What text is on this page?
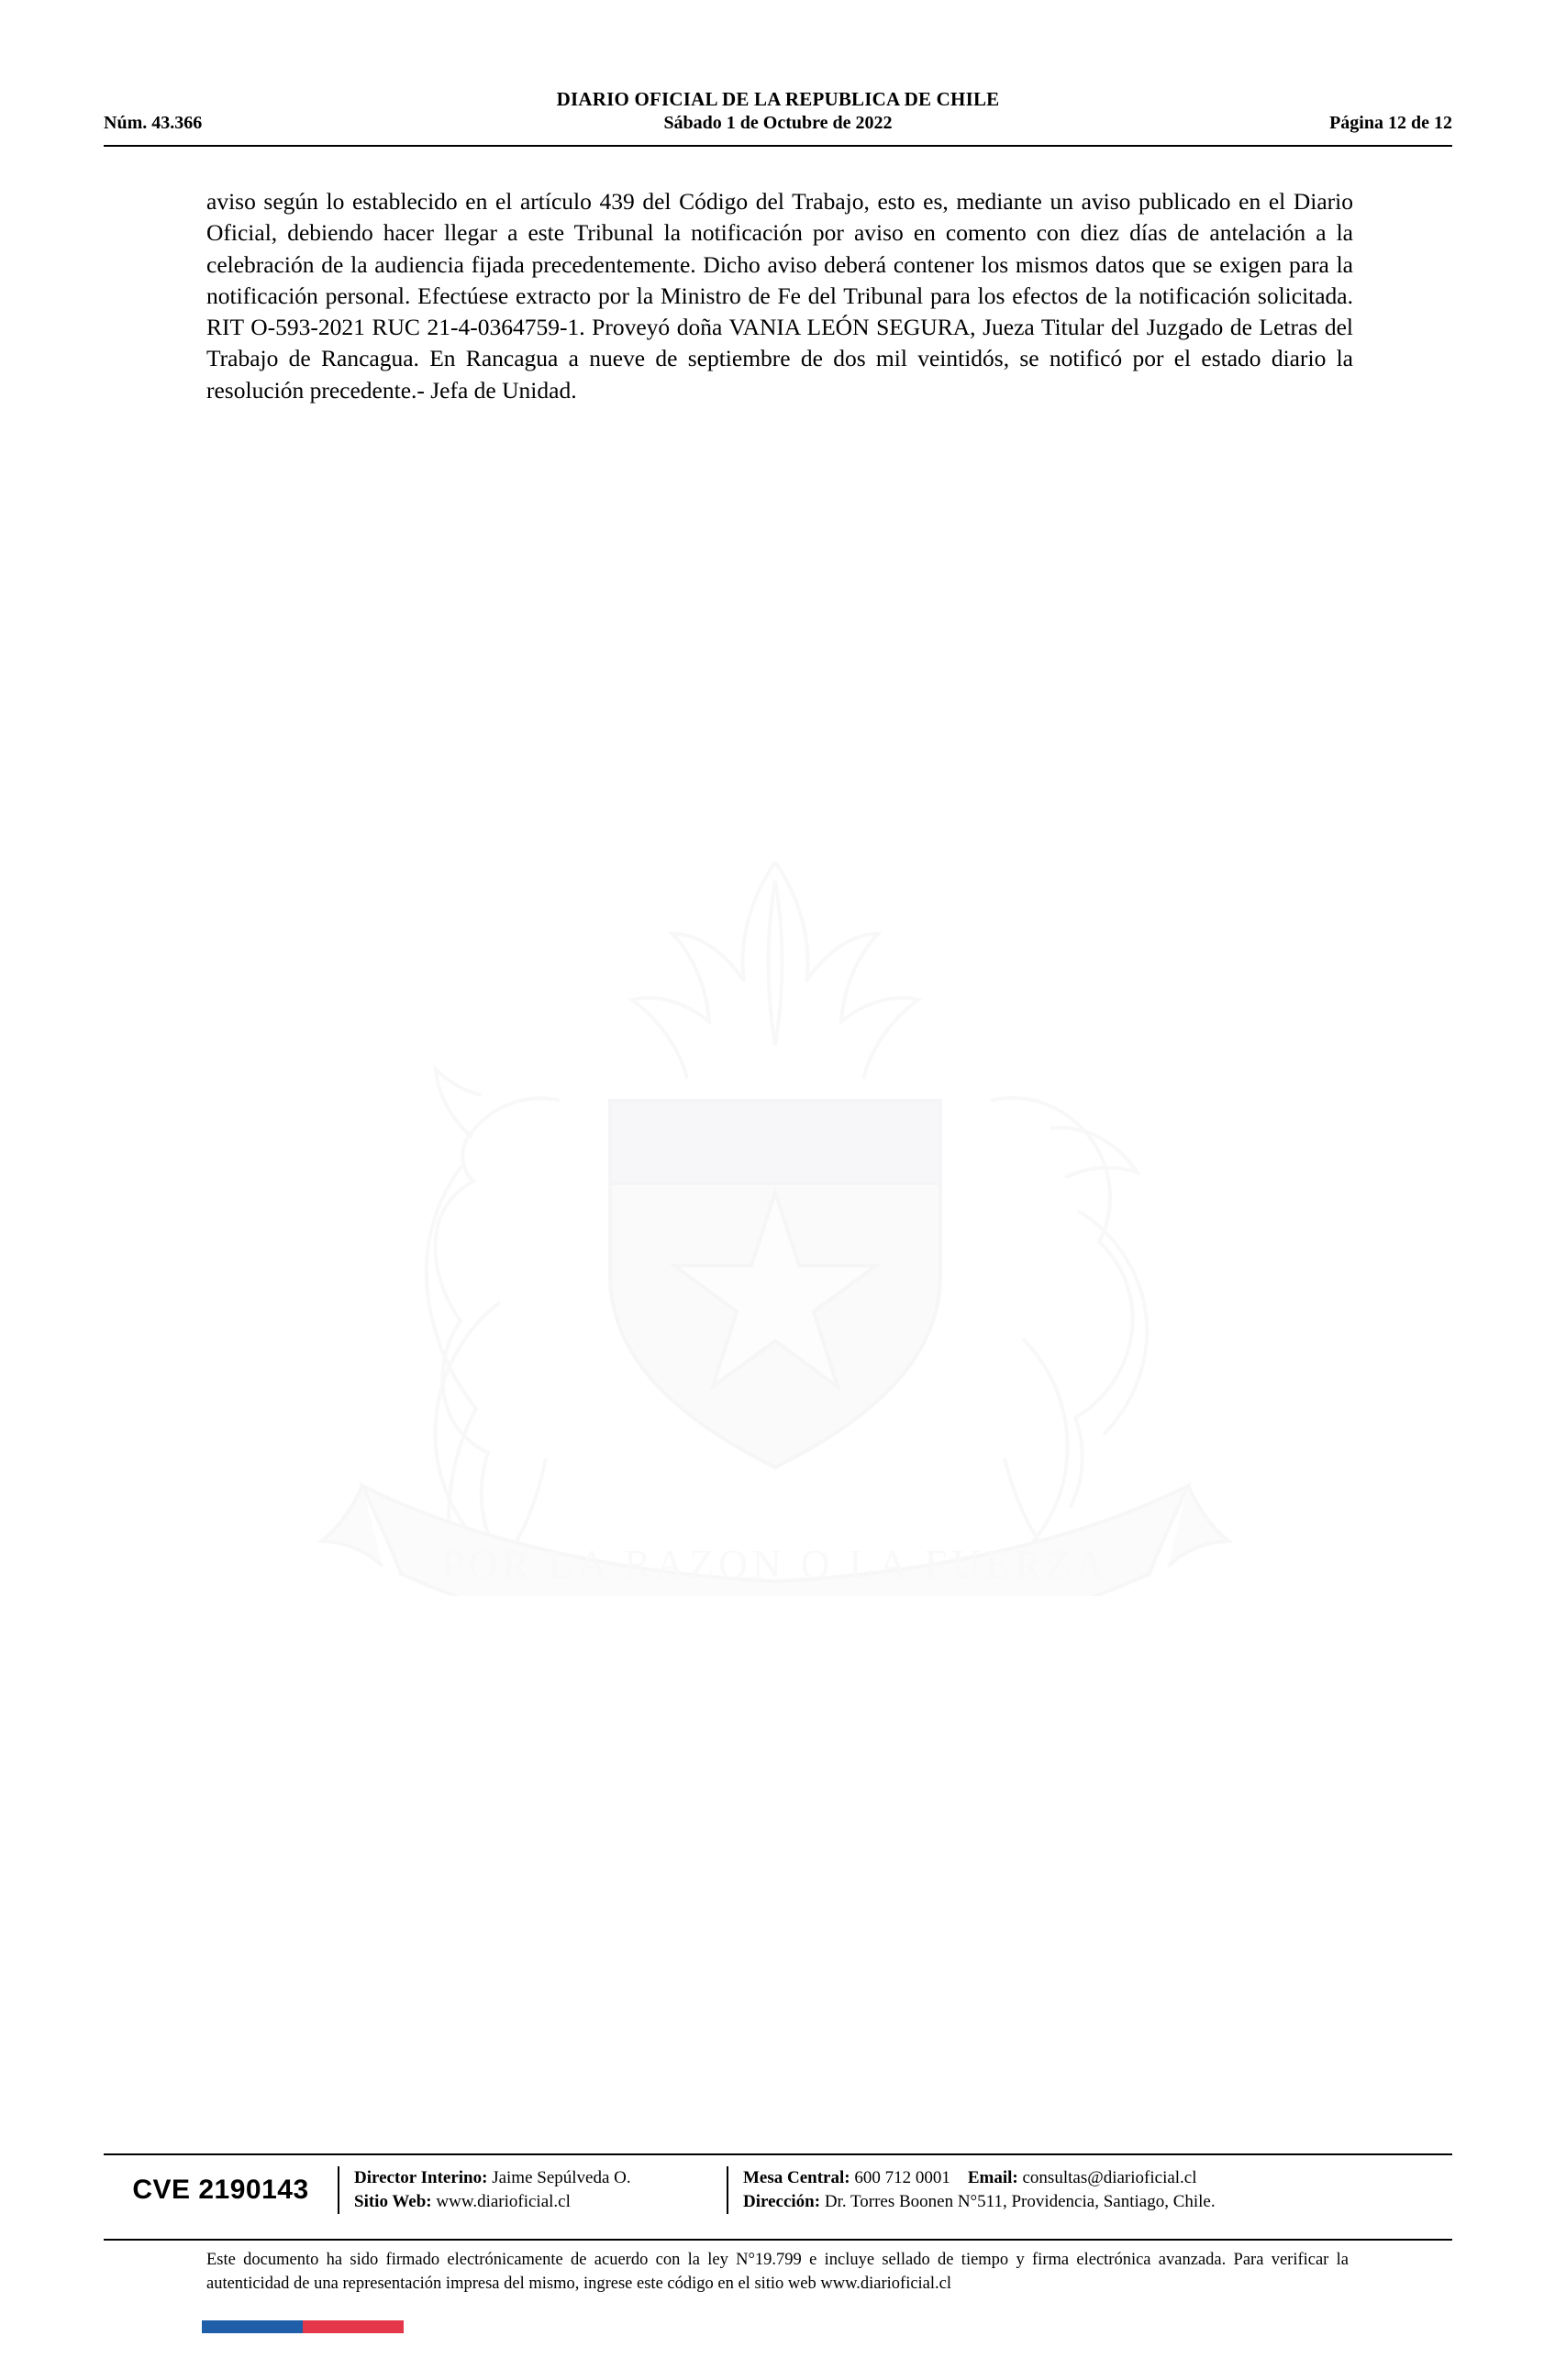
DIARIO OFICIAL DE LA REPUBLICA DE CHILE
Núm. 43.366	Sábado 1 de Octubre de 2022	Página 12 de 12
aviso según lo establecido en el artículo 439 del Código del Trabajo, esto es, mediante un aviso publicado en el Diario Oficial, debiendo hacer llegar a este Tribunal la notificación por aviso en comento con diez días de antelación a la celebración de la audiencia fijada precedentemente. Dicho aviso deberá contener los mismos datos que se exigen para la notificación personal. Efectúese extracto por la Ministro de Fe del Tribunal para los efectos de la notificación solicitada. RIT O-593-2021 RUC 21-4-0364759-1. Proveyó doña VANIA LEÓN SEGURA, Jueza Titular del Juzgado de Letras del Trabajo de Rancagua. En Rancagua a nueve de septiembre de dos mil veintidós, se notificó por el estado diario la resolución precedente.- Jefa de Unidad.
POR LA RAZON O LA FUERZA
CVE 2190143	Director Interino: Jaime Sepúlveda O.
Sitio Web: www.diarioficial.cl
Mesa Central: 600 712 0001 Email: consultas@diarioficial.cl
Dirección: Dr. Torres Boonen N°511, Providencia, Santiago, Chile.
Este documento ha sido firmado electrónicamente de acuerdo con la ley N°19.799 e incluye sellado de tiempo y firma electrónica avanzada. Para verificar la autenticidad de una representación impresa del mismo, ingrese este código en el sitio web www.diarioficial.cl
